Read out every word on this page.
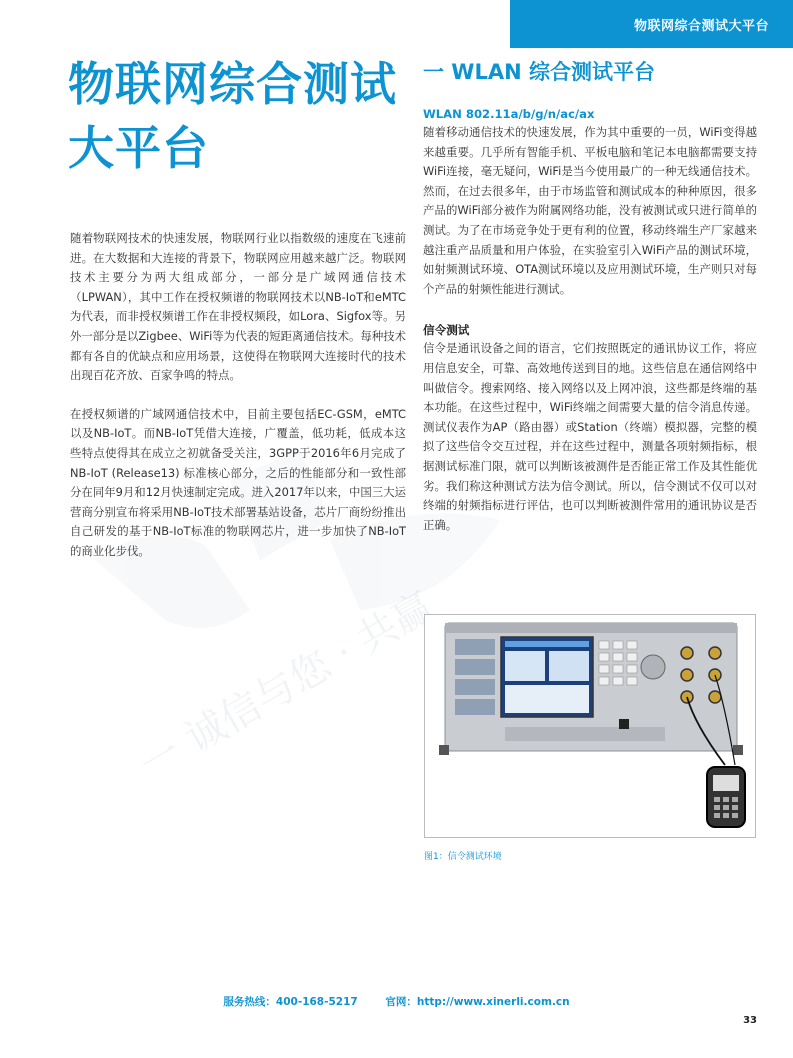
一 诚信与您 · 共赢
物联网综合测试大平台
物联网综合测试
大平台

随着物联网技术的快速发展，物联网行业以指数级的速度在飞速前进。在大数据和大连接的背景下，物联网应用越来越广泛。物联网技术主要分为两大组成部分，一部分是广域网通信技术（LPWAN），其中工作在授权频谱的物联网技术以NB-IoT和eMTC为代表，而非授权频谱工作在非授权频段，如Lora、Sigfox等。另外一部分是以Zigbee、WiFi等为代表的短距离通信技术。每种技术都有各自的优缺点和应用场景，这使得在物联网大连接时代的技术出现百花齐放、百家争鸣的特点。

在授权频谱的广域网通信技术中，目前主要包括EC-GSM，eMTC以及NB-IoT。而NB-IoT凭借大连接，广覆盖，低功耗，低成本这些特点使得其在成立之初就备受关注，3GPP于2016年6月完成了NB-IoT (Release13) 标准核心部分，之后的性能部分和一致性部分在同年9月和12月快速制定完成。进入2017年以来，中国三大运营商分别宣布将采用NB-IoT技术部署基站设备，芯片厂商纷纷推出自己研发的基于NB-IoT标准的物联网芯片，进一步加快了NB-IoT的商业化步伐。

一 WLAN 综合测试平台
WLAN 802.11a/b/g/n/ac/ax

随着移动通信技术的快速发展，作为其中重要的一员，WiFi变得越来越重要。几乎所有智能手机、平板电脑和笔记本电脑都需要支持WiFi连接，毫无疑问，WiFi是当今使用最广的一种无线通信技术。然而，在过去很多年，由于市场监管和测试成本的种种原因，很多产品的WiFi部分被作为附属网络功能，没有被测试或只进行简单的测试。为了在市场竞争处于更有利的位置，移动终端生产厂家越来越注重产品质量和用户体验，在实验室引入WiFi产品的测试环境，如射频测试环境、OTA测试环境以及应用测试环境，生产则只对每个产品的射频性能进行测试。

信令测试

信令是通讯设备之间的语言，它们按照既定的通讯协议工作，将应用信息安全，可靠、高效地传送到目的地。这些信息在通信网络中叫做信令。搜索网络、接入网络以及上网冲浪，这些都是终端的基本功能。在这些过程中，WiFi终端之间需要大量的信令消息传递。测试仪表作为AP（路由器）或Station（终端）模拟器，完整的模拟了这些信令交互过程，并在这些过程中，测量各项射频指标，根据测试标准门限，就可以判断该被测件是否能正常工作及其性能优劣。我们称这种测试方法为信令测试。所以，信令测试不仅可以对终端的射频指标进行评估，也可以判断被测件常用的通讯协议是否正确。

图1：信令测试环境
服务热线：400-168-5217	官网：http://www.xinerli.com.cn
33
